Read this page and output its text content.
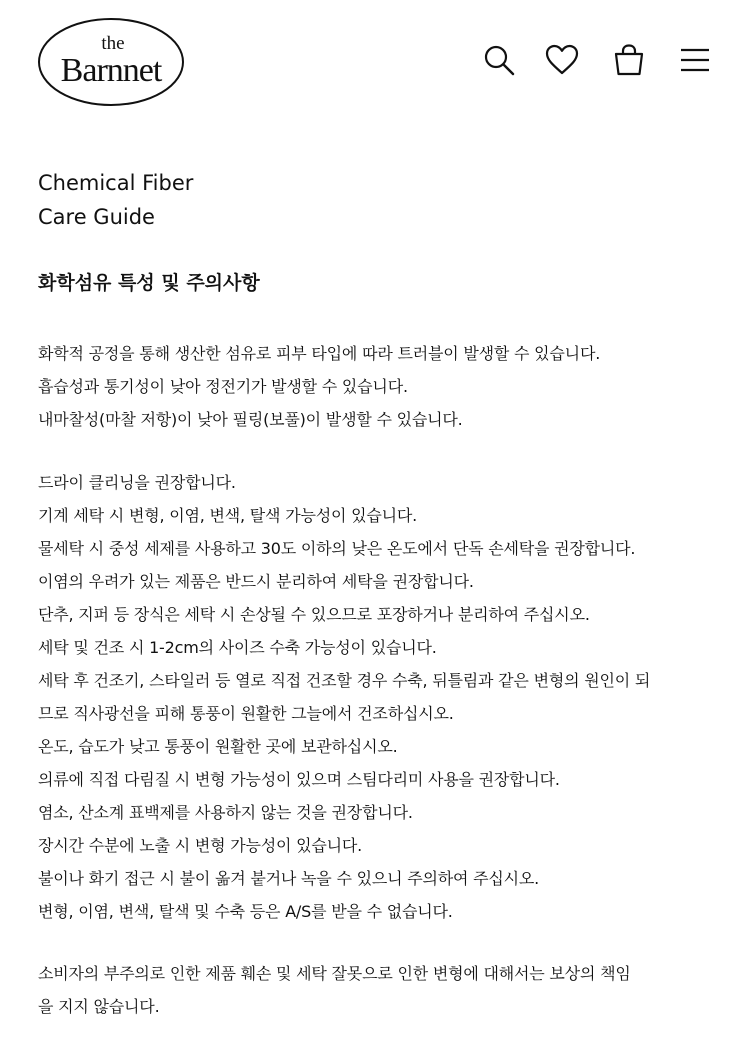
the
Barnnet
Chemical Fiber
Care Guide
화학섬유 특성 및 주의사항
화학적 공정을 통해 생산한 섬유로 피부 타입에 따라 트러블이 발생할 수 있습니다.
흡습성과 통기성이 낮아 정전기가 발생할 수 있습니다.
내마찰성(마찰 저항)이 낮아 필링(보풀)이 발생할 수 있습니다.
드라이 클리닝을 권장합니다.
기계 세탁 시 변형, 이염, 변색, 탈색 가능성이 있습니다.
물세탁 시 중성 세제를 사용하고 30도 이하의 낮은 온도에서 단독 손세탁을 권장합니다.
이염의 우려가 있는 제품은 반드시 분리하여 세탁을 권장합니다.
단추, 지퍼 등 장식은 세탁 시 손상될 수 있으므로 포장하거나 분리하여 주십시오.
세탁 및 건조 시 1-2cm의 사이즈 수축 가능성이 있습니다.
세탁 후 건조기, 스타일러 등 열로 직접 건조할 경우 수축, 뒤틀림과 같은 변형의 원인이 되
므로 직사광선을 피해 통풍이 원활한 그늘에서 건조하십시오.
온도, 습도가 낮고 통풍이 원활한 곳에 보관하십시오.
의류에 직접 다림질 시 변형 가능성이 있으며 스팀다리미 사용을 권장합니다.
염소, 산소계 표백제를 사용하지 않는 것을 권장합니다.
장시간 수분에 노출 시 변형 가능성이 있습니다.
불이나 화기 접근 시 불이 옮겨 붙거나 녹을 수 있으니 주의하여 주십시오.
변형, 이염, 변색, 탈색 및 수축 등은 A/S를 받을 수 없습니다.
소비자의 부주의로 인한 제품 훼손 및 세탁 잘못으로 인한 변형에 대해서는 보상의 책임
을 지지 않습니다.
